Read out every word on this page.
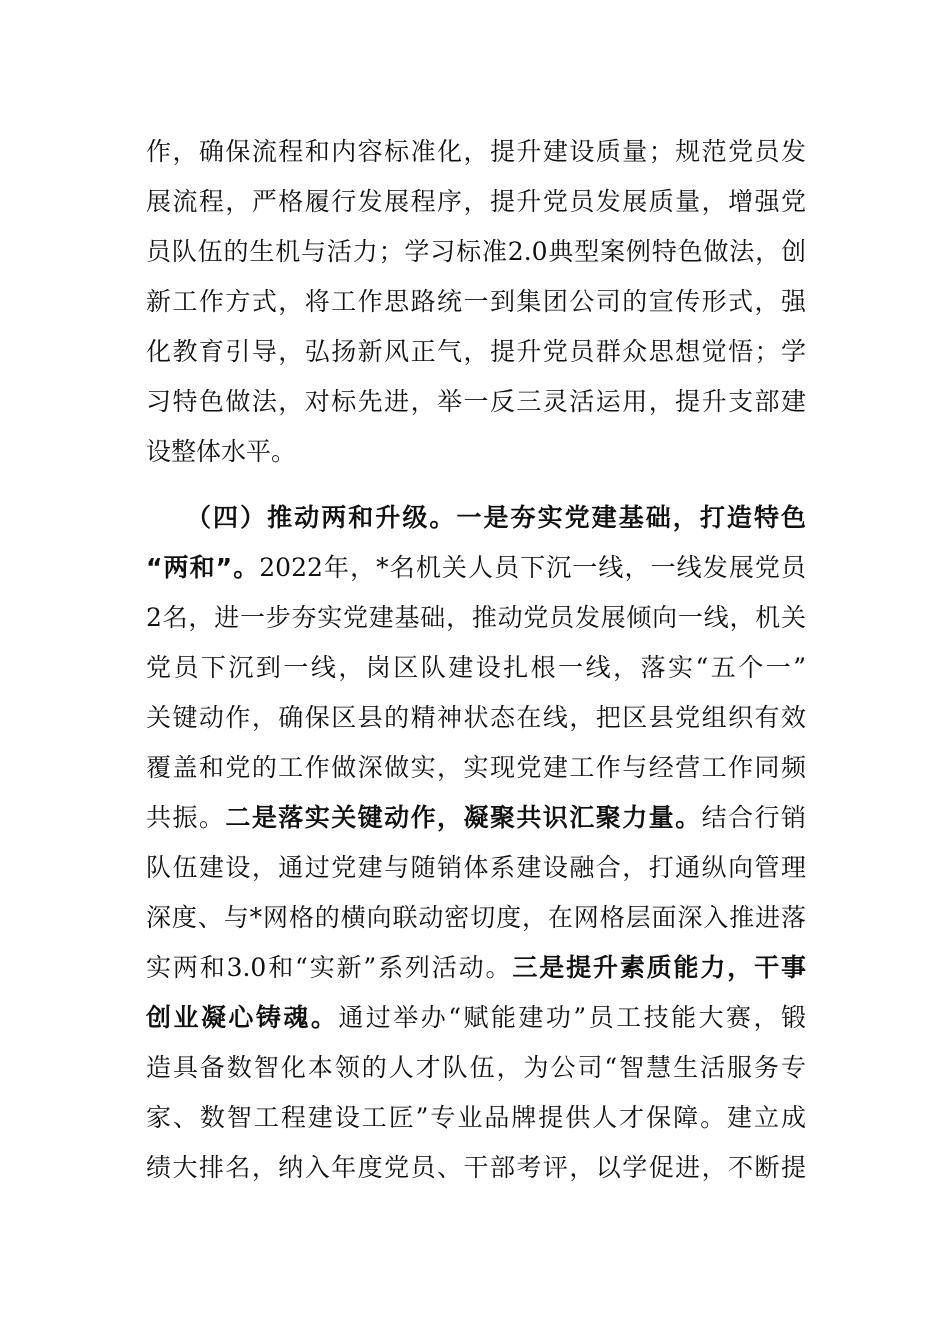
作，确保流程和内容标准化，提升建设质量；规范党员发
展流程，严格履行发展程序，提升党员发展质量，增强党
员队伍的生机与活力；学习标准2.0典型案例特色做法，创
新工作方式，将工作思路统一到集团公司的宣传形式，强
化教育引导，弘扬新风正气，提升党员群众思想觉悟；学
习特色做法，对标先进，举一反三灵活运用，提升支部建
设整体水平。
（四）推动两和升级。一是夯实党建基础，打造特色
“两和”。2022年，*名机关人员下沉一线，一线发展党员
2名，进一步夯实党建基础，推动党员发展倾向一线，机关
党员下沉到一线，岗区队建设扎根一线，落实“五个一”
关键动作，确保区县的精神状态在线，把区县党组织有效
覆盖和党的工作做深做实，实现党建工作与经营工作同频
共振。二是落实关键动作，凝聚共识汇聚力量。结合行销
队伍建设，通过党建与随销体系建设融合，打通纵向管理
深度、与*网格的横向联动密切度，在网格层面深入推进落
实两和3.0和“实新”系列活动。三是提升素质能力，干事
创业凝心铸魂。通过举办“赋能建功”员工技能大赛，锻
造具备数智化本领的人才队伍，为公司“智慧生活服务专
家、数智工程建设工匠”专业品牌提供人才保障。建立成
绩大排名，纳入年度党员、干部考评，以学促进，不断提
